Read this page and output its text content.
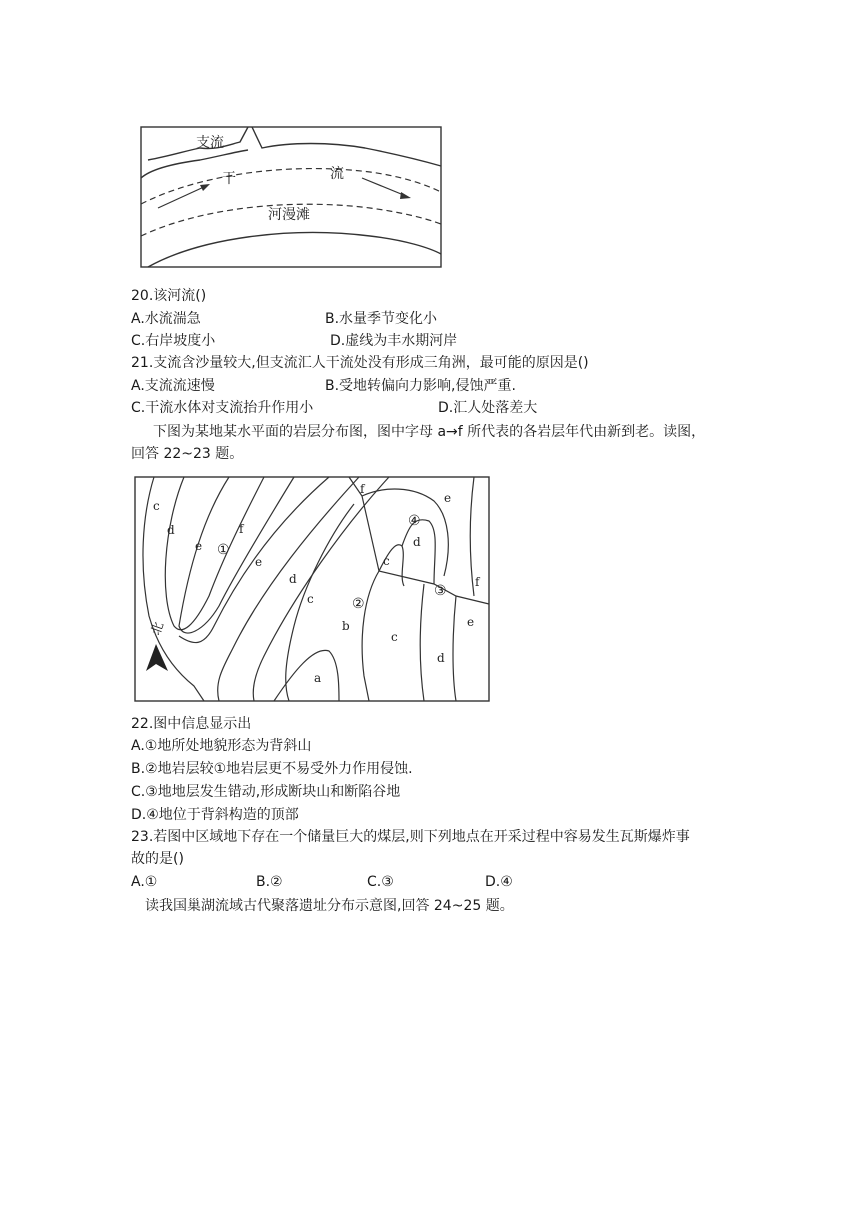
支流
干	流
河漫滩
20.该河流()
A.水流湍急	B.水量季节变化小
C.右岸坡度小	D.虚线为丰水期河岸
21.支流含沙量较大,但支流汇人干流处没有形成三角洲，最可能的原因是()
A.支流流速慢	B.受地转偏向力影响,侵蚀严重.
C.干流水体对支流抬升作用小	D.汇人处落差大
下图为某地某水平面的岩层分布图，图中字母 a→f 所代表的各岩层年代由新到老。读图，
回答 22~23 题。
北
c
d
e
f
e
d
c
b
a
f
e
d
c
c
d
e
f
①
②
③
④
22.图中信息显示出
A.①地所处地貌形态为背斜山
B.②地岩层较①地岩层更不易受外力作用侵蚀.
C.③地地层发生错动,形成断块山和断陷谷地
D.④地位于背斜构造的顶部
23.若图中区域地下存在一个储量巨大的煤层,则下列地点在开采过程中容易发生瓦斯爆炸事
故的是()
A.①	B.②	C.③	D.④
读我国巢湖流域古代聚落遗址分布示意图,回答 24~25 题。
